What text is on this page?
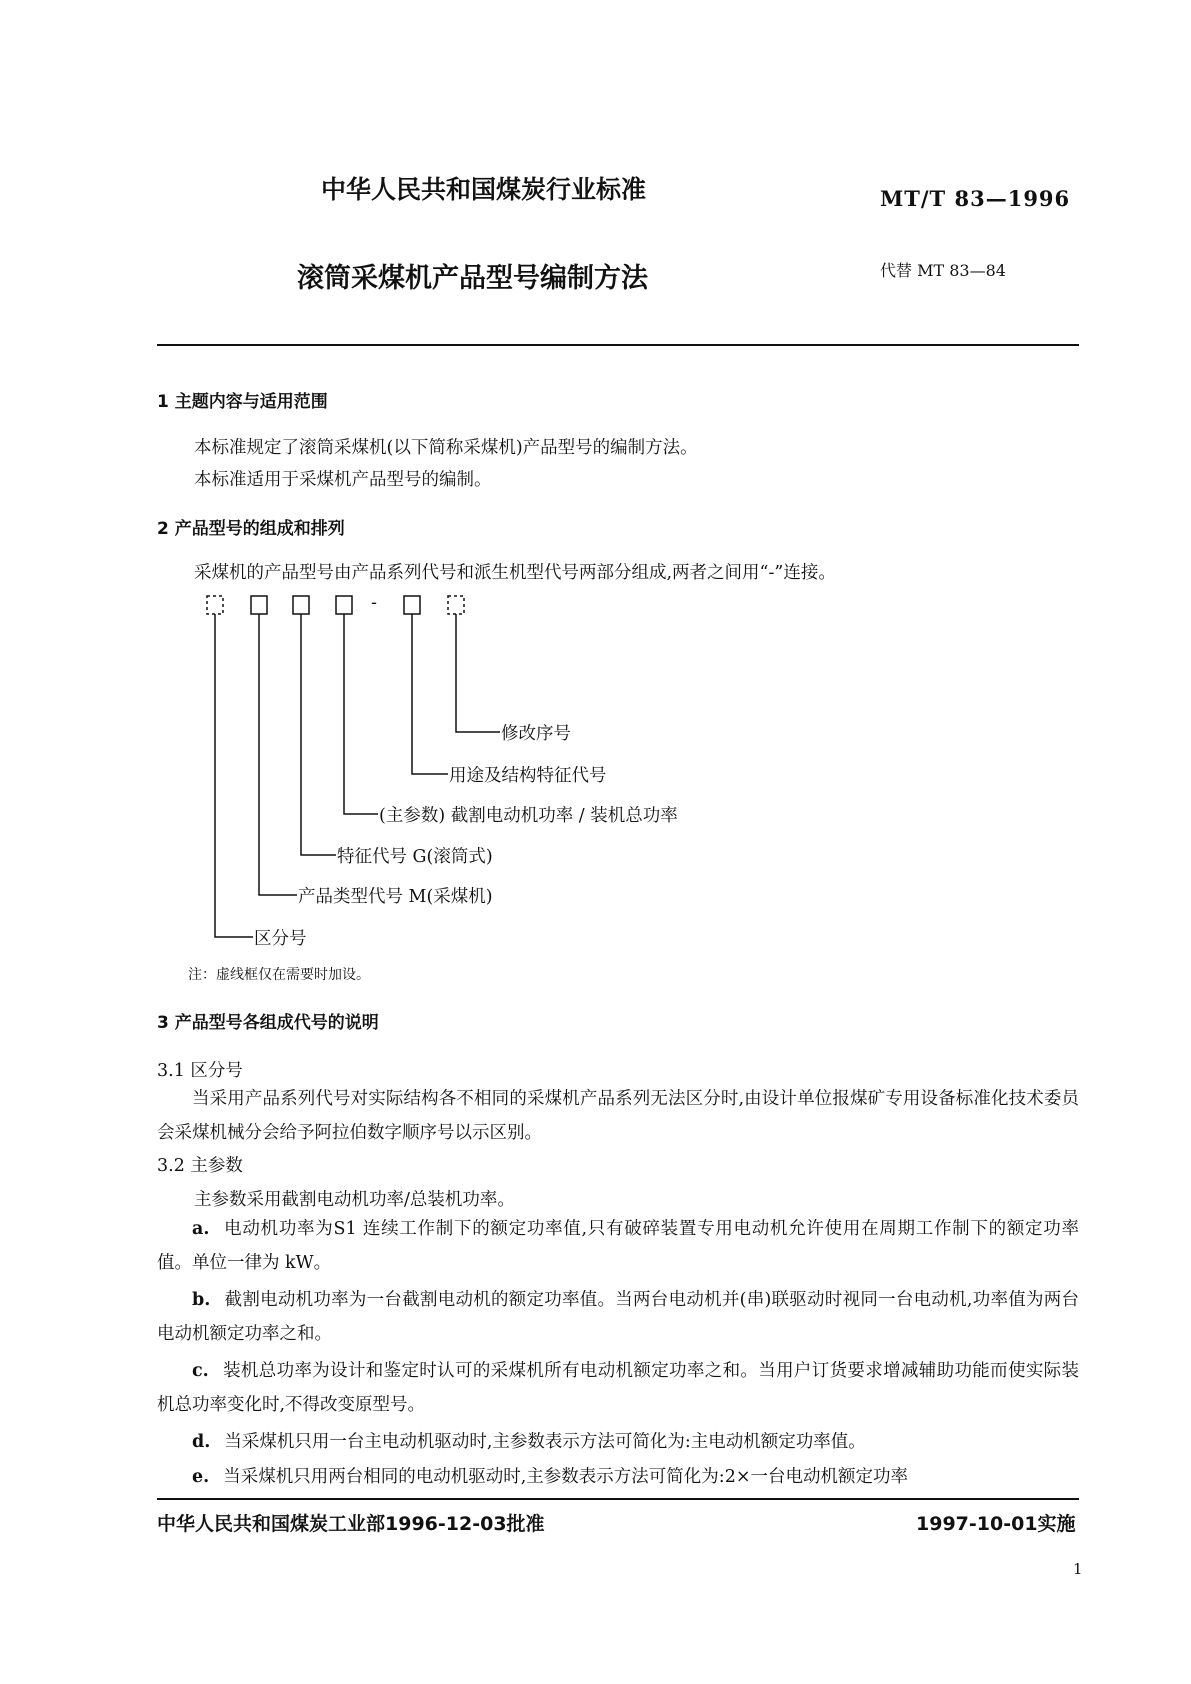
中华人民共和国煤炭行业标准	MT/T 83—1996
滚筒采煤机产品型号编制方法	代替 MT 83—84
1 主题内容与适用范围
本标准规定了滚筒采煤机(以下简称采煤机)产品型号的编制方法。
本标准适用于采煤机产品型号的编制。
2 产品型号的组成和排列
采煤机的产品型号由产品系列代号和派生机型代号两部分组成,两者之间用“-”连接。
-
修改序号
用途及结构特征代号
(主参数) 截割电动机功率 / 装机总功率
特征代号 G(滚筒式)
产品类型代号 M(采煤机)
区分号
注：虚线框仅在需要时加设。
3 产品型号各组成代号的说明
3.1 区分号
当采用产品系列代号对实际结构各不相同的采煤机产品系列无法区分时,由设计单位报煤矿专用设备标准化技术委员会采煤机械分会给予阿拉伯数字顺序号以示区别。
3.2 主参数
主参数采用截割电动机功率/总装机功率。
a. 电动机功率为S1 连续工作制下的额定功率值,只有破碎装置专用电动机允许使用在周期工作制下的额定功率值。单位一律为 kW。
b. 截割电动机功率为一台截割电动机的额定功率值。当两台电动机并(串)联驱动时视同一台电动机,功率值为两台电动机额定功率之和。
c. 装机总功率为设计和鉴定时认可的采煤机所有电动机额定功率之和。当用户订货要求增减辅助功能而使实际装机总功率变化时,不得改变原型号。
d. 当采煤机只用一台主电动机驱动时,主参数表示方法可简化为:主电动机额定功率值。
e. 当采煤机只用两台相同的电动机驱动时,主参数表示方法可简化为:2×一台电动机额定功率
中华人民共和国煤炭工业部1996-12-03批准	1997-10-01实施
1
